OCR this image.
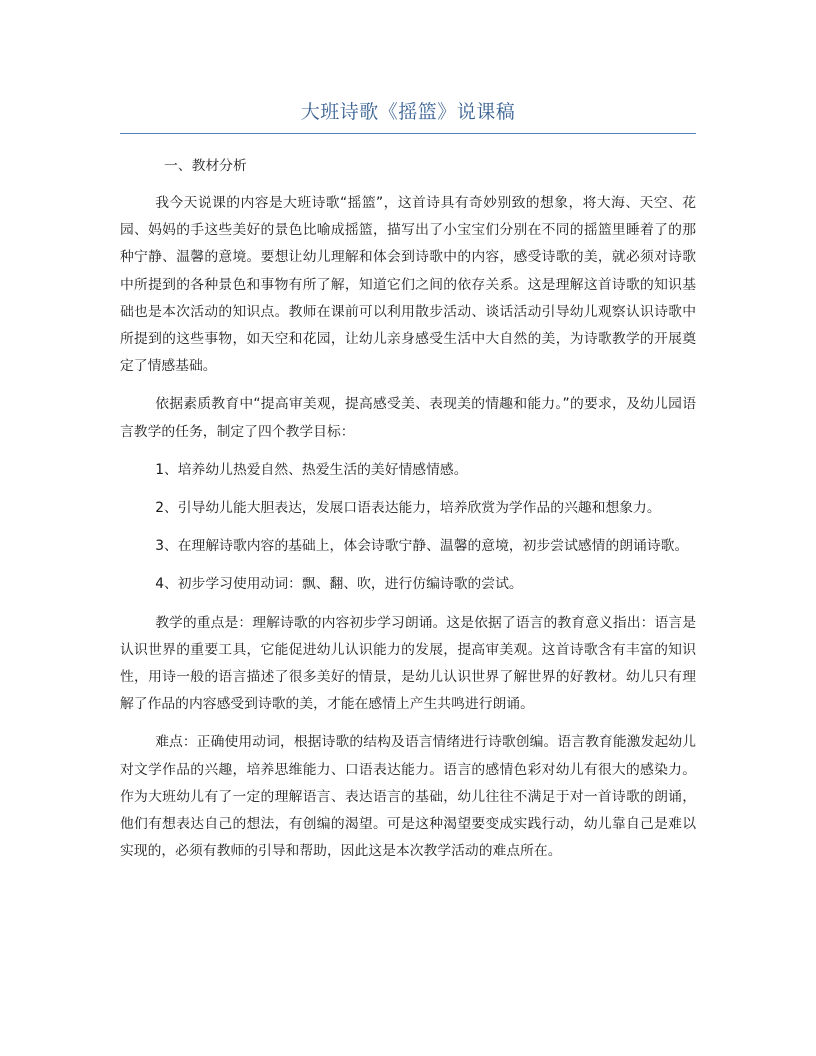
大班诗歌《摇篮》说课稿

一、教材分析

我今天说课的内容是大班诗歌“摇篮”，这首诗具有奇妙别致的想象，将大海、天空、花园、妈妈的手这些美好的景色比喻成摇篮，描写出了小宝宝们分别在不同的摇篮里睡着了的那种宁静、温馨的意境。要想让幼儿理解和体会到诗歌中的内容，感受诗歌的美，就必须对诗歌中所提到的各种景色和事物有所了解，知道它们之间的依存关系。这是理解这首诗歌的知识基础也是本次活动的知识点。教师在课前可以利用散步活动、谈话活动引导幼儿观察认识诗歌中所提到的这些事物，如天空和花园，让幼儿亲身感受生活中大自然的美，为诗歌教学的开展奠定了情感基础。

依据素质教育中“提高审美观，提高感受美、表现美的情趣和能力。”的要求，及幼儿园语言教学的任务，制定了四个教学目标：

1、培养幼儿热爱自然、热爱生活的美好情感情感。

2、引导幼儿能大胆表达，发展口语表达能力，培养欣赏为学作品的兴趣和想象力。

3、在理解诗歌内容的基础上，体会诗歌宁静、温馨的意境，初步尝试感情的朗诵诗歌。

4、初步学习使用动词：飘、翻、吹，进行仿编诗歌的尝试。

教学的重点是：理解诗歌的内容初步学习朗诵。这是依据了语言的教育意义指出：语言是认识世界的重要工具，它能促进幼儿认识能力的发展，提高审美观。这首诗歌含有丰富的知识性，用诗一般的语言描述了很多美好的情景，是幼儿认识世界了解世界的好教材。幼儿只有理解了作品的内容感受到诗歌的美，才能在感情上产生共鸣进行朗诵。

难点：正确使用动词，根据诗歌的结构及语言情绪进行诗歌创编。语言教育能激发起幼儿对文学作品的兴趣，培养思维能力、口语表达能力。语言的感情色彩对幼儿有很大的感染力。作为大班幼儿有了一定的理解语言、表达语言的基础，幼儿往往不满足于对一首诗歌的朗诵，他们有想表达自己的想法，有创编的渴望。可是这种渴望要变成实践行动，幼儿靠自己是难以实现的，必须有教师的引导和帮助，因此这是本次教学活动的难点所在。
